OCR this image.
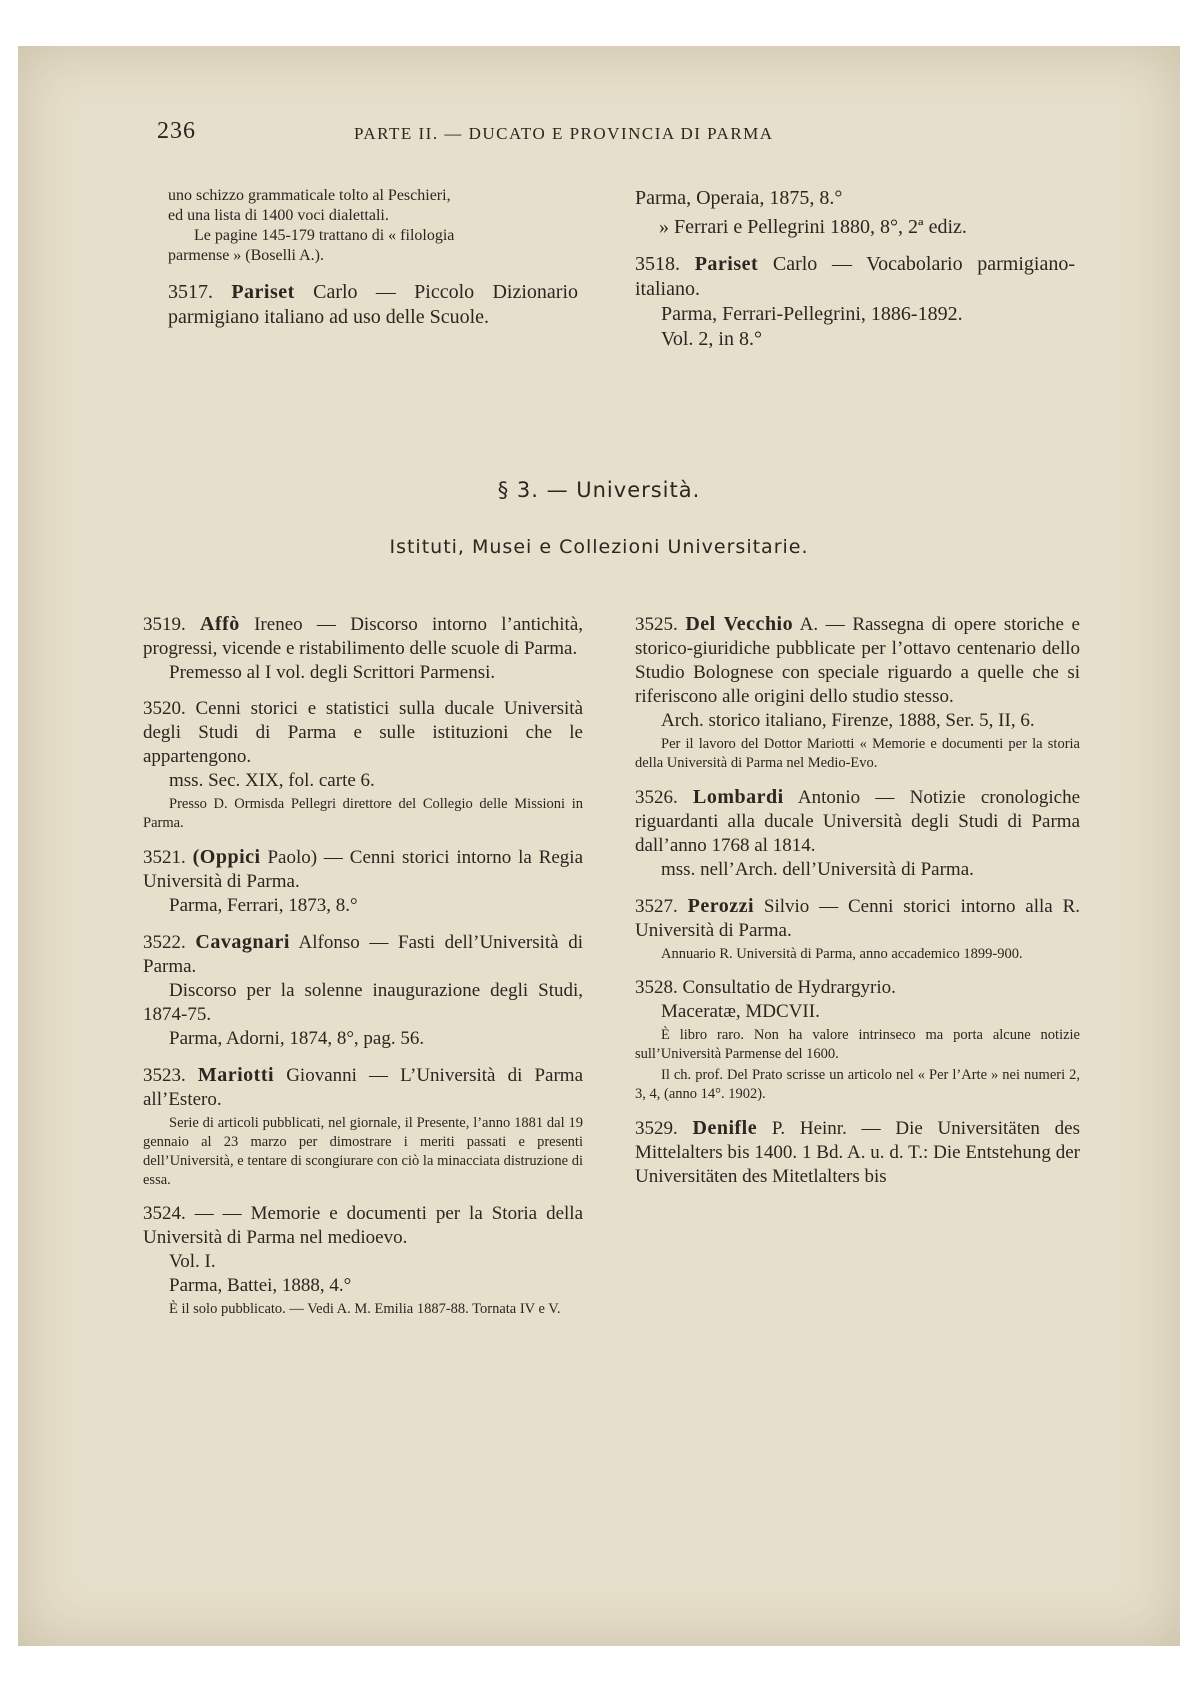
236	PARTE II. — DUCATO E PROVINCIA DI PARMA
uno schizzo grammaticale tolto al Peschieri,
ed una lista di 1400 voci dialettali.
Le pagine 145-179 trattano di « filologia
parmense » (Boselli A.).
3517. Pariset Carlo — Piccolo Dizionario parmigiano italiano ad uso delle Scuole.
Parma, Operaia, 1875, 8.°
» Ferrari e Pellegrini 1880, 8°, 2ª ediz.
3518. Pariset Carlo — Vocabolario parmigiano-italiano.

Parma, Ferrari-Pellegrini, 1886-1892.

Vol. 2, in 8.°

§ 3. — Università.
Istituti, Musei e Collezioni Universitarie.
3519. Affò Ireneo — Discorso intorno l’antichità, progressi, vicende e ristabilimento delle scuole di Parma.

Premesso al I vol. degli Scrittori Parmensi.

3520. Cenni storici e statistici sulla ducale Università degli Studi di Parma e sulle istituzioni che le appartengono.

mss. Sec. XIX, fol. carte 6.

Presso D. Ormisda Pellegri direttore del Collegio delle Missioni in Parma.

3521. (Oppici Paolo) — Cenni storici intorno la Regia Università di Parma.

Parma, Ferrari, 1873, 8.°

3522. Cavagnari Alfonso — Fasti dell’Università di Parma.

Discorso per la solenne inaugurazione degli Studi, 1874-75.

Parma, Adorni, 1874, 8°, pag. 56.

3523. Mariotti Giovanni — L’Università di Parma all’Estero.

Serie di articoli pubblicati, nel giornale, il Presente, l’anno 1881 dal 19 gennaio al 23 marzo per dimostrare i meriti passati e presenti dell’Università, e tentare di scongiurare con ciò la minacciata distruzione di essa.

3524. — — Memorie e documenti per la Storia della Università di Parma nel medioevo.

Vol. I.

Parma, Battei, 1888, 4.°

È il solo pubblicato. — Vedi A. M. Emilia 1887-88. Tornata IV e V.

3525. Del Vecchio A. — Rassegna di opere storiche e storico-giuridiche pubblicate per l’ottavo centenario dello Studio Bolognese con speciale riguardo a quelle che si riferiscono alle origini dello studio stesso.

Arch. storico italiano, Firenze, 1888, Ser. 5, II, 6.

Per il lavoro del Dottor Mariotti « Memorie e documenti per la storia della Università di Parma nel Medio-Evo.

3526. Lombardi Antonio — Notizie cronologiche riguardanti alla ducale Università degli Studi di Parma dall’anno 1768 al 1814.

mss. nell’Arch. dell’Università di Parma.

3527. Perozzi Silvio — Cenni storici intorno alla R. Università di Parma.

Annuario R. Università di Parma, anno accademico 1899-900.

3528. Consultatio de Hydrargyrio.

Maceratæ, MDCVII.

È libro raro. Non ha valore intrinseco ma porta alcune notizie sull’Università Parmense del 1600.

Il ch. prof. Del Prato scrisse un articolo nel « Per l’Arte » nei numeri 2, 3, 4, (anno 14°. 1902).

3529. Denifle P. Heinr. — Die Universitäten des Mittelalters bis 1400. 1 Bd. A. u. d. T.: Die Entstehung der Universitäten des Mitetlalters bis
